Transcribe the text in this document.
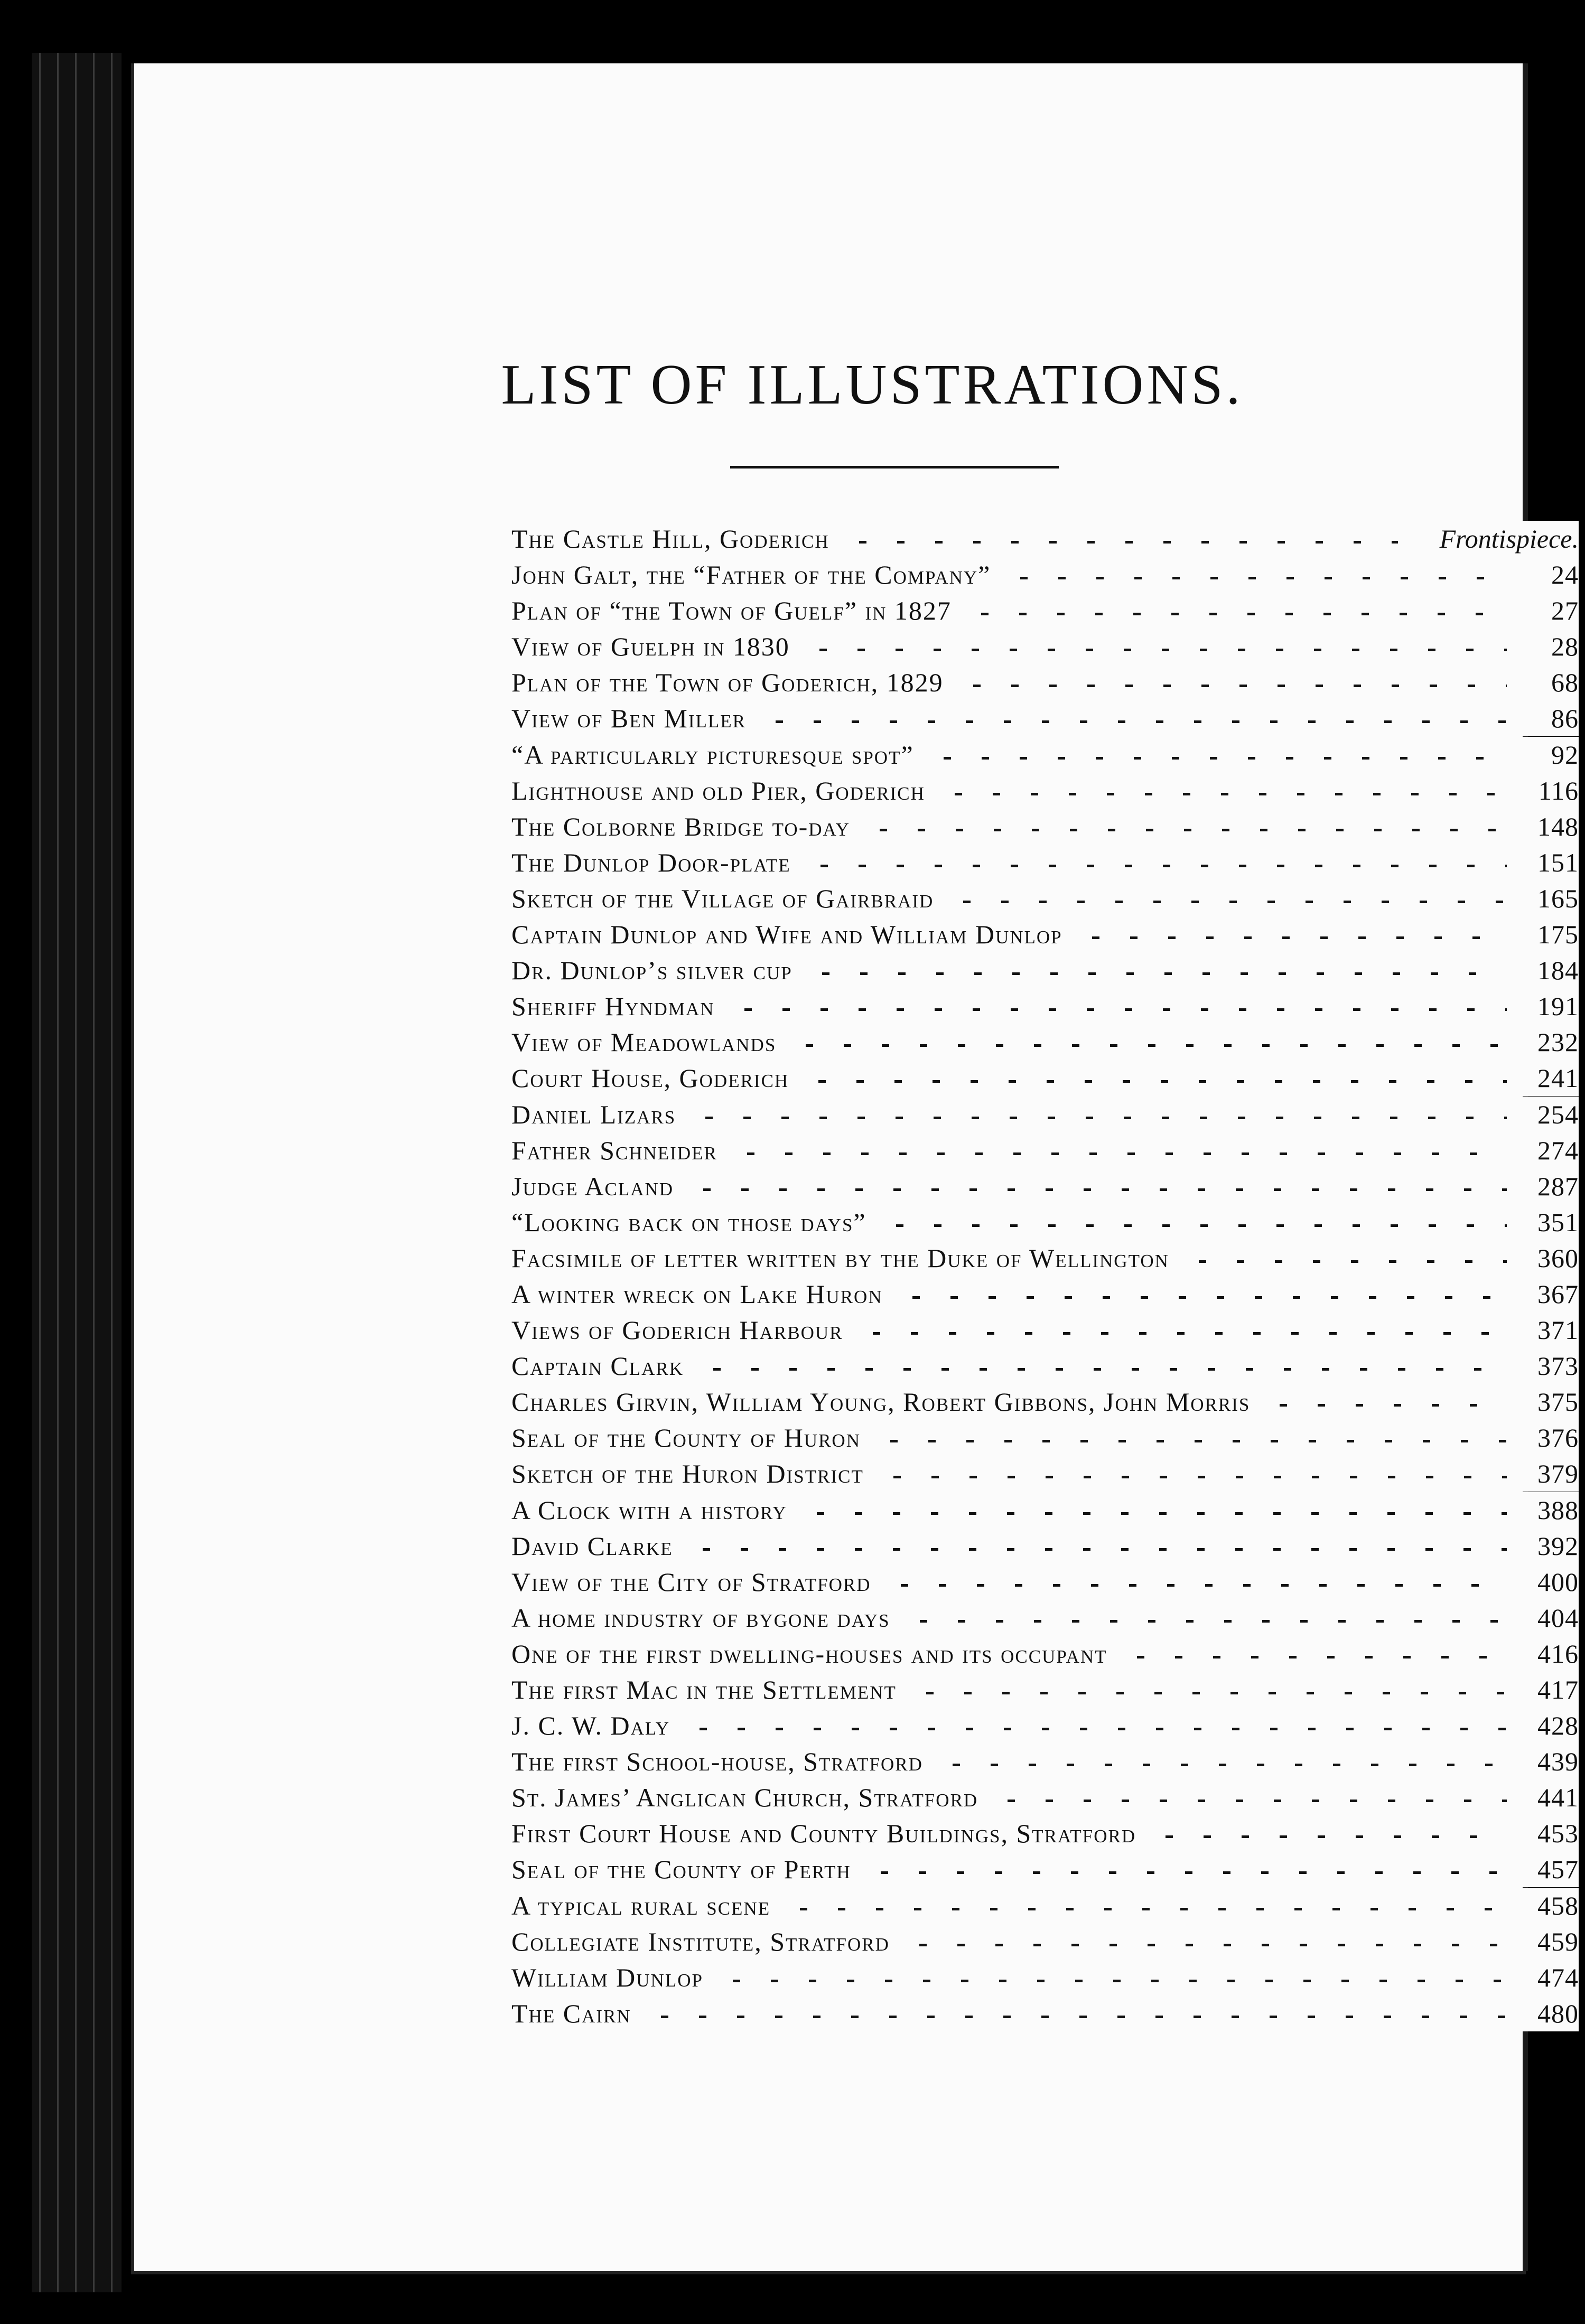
LIST OF ILLUSTRATIONS.
The Castle Hill, Goderich	Frontispiece.
John Galt, the “Father of the Company”	24
Plan of “the Town of Guelf” in 1827	27
View of Guelph in 1830	28
Plan of the Town of Goderich, 1829	68
View of Ben Miller	86
“A particularly picturesque spot”	92
Lighthouse and old Pier, Goderich	116
The Colborne Bridge to-day	148
The Dunlop Door-plate	151
Sketch of the Village of Gairbraid	165
Captain Dunlop and Wife and William Dunlop	175
Dr. Dunlop’s silver cup	184
Sheriff Hyndman	191
View of Meadowlands	232
Court House, Goderich	241
Daniel Lizars	254
Father Schneider	274
Judge Acland	287
“Looking back on those days”	351
Facsimile of letter written by the Duke of Wellington	360
A winter wreck on Lake Huron	367
Views of Goderich Harbour	371
Captain Clark	373
Charles Girvin, William Young, Robert Gibbons, John Morris	375
Seal of the County of Huron	376
Sketch of the Huron District	379
A Clock with a history	388
David Clarke	392
View of the City of Stratford	400
A home industry of bygone days	404
One of the first dwelling-houses and its occupant	416
The first Mac in the Settlement	417
J. C. W. Daly	428
The first School-house, Stratford	439
St. James’ Anglican Church, Stratford	441
First Court House and County Buildings, Stratford	453
Seal of the County of Perth	457
A typical rural scene	458
Collegiate Institute, Stratford	459
William Dunlop	474
The Cairn	480
